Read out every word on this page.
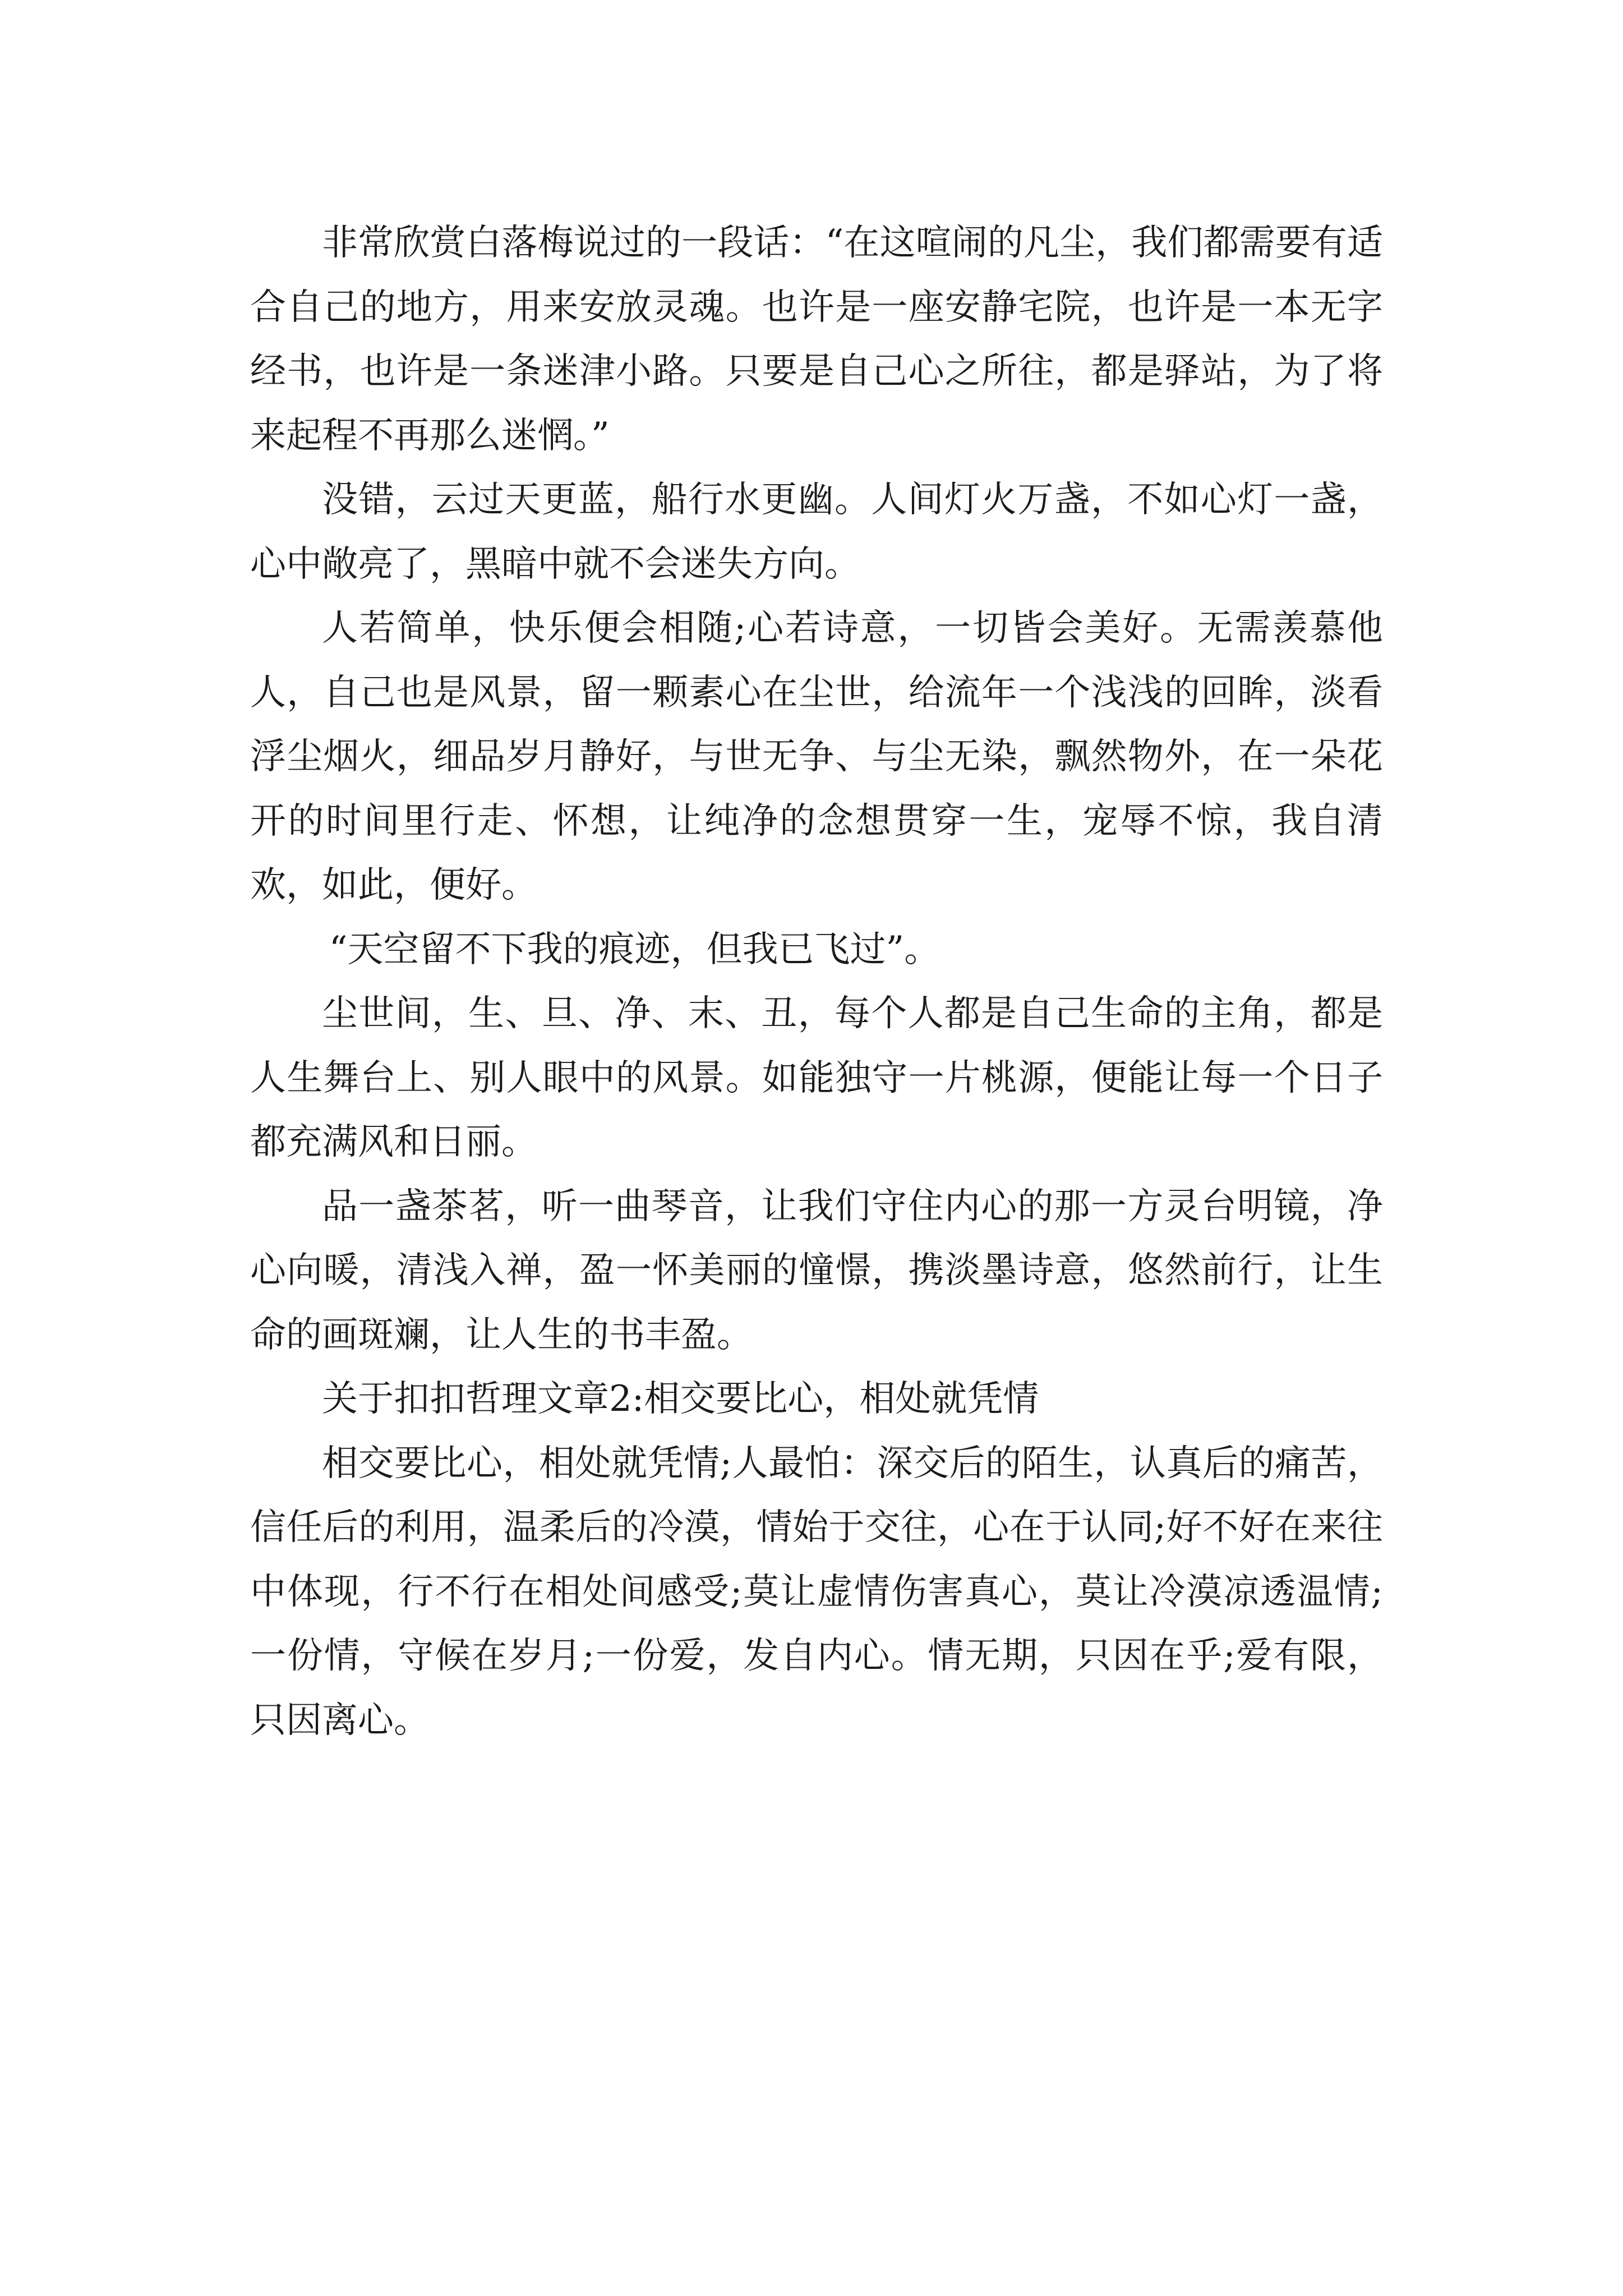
非常欣赏白落梅说过的一段话：“在这喧闹的凡尘，我们都需要有适合自己的地方，用来安放灵魂。也许是一座安静宅院，也许是一本无字经书，也许是一条迷津小路。只要是自己心之所往，都是驿站，为了将来起程不再那么迷惘。”

没错，云过天更蓝，船行水更幽。人间灯火万盏，不如心灯一盏，心中敞亮了，黑暗中就不会迷失方向。

人若简单，快乐便会相随;心若诗意，一切皆会美好。无需羡慕他人，自己也是风景，留一颗素心在尘世，给流年一个浅浅的回眸，淡看浮尘烟火，细品岁月静好，与世无争、与尘无染，飘然物外，在一朵花开的时间里行走、怀想，让纯净的念想贯穿一生，宠辱不惊，我自清欢，如此，便好。

“天空留不下我的痕迹，但我已飞过”。

尘世间，生、旦、净、末、丑，每个人都是自己生命的主角，都是人生舞台上、别人眼中的风景。如能独守一片桃源，便能让每一个日子都充满风和日丽。

品一盏茶茗，听一曲琴音，让我们守住内心的那一方灵台明镜，净心向暖，清浅入禅，盈一怀美丽的憧憬，携淡墨诗意，悠然前行，让生命的画斑斓，让人生的书丰盈。

关于扣扣哲理文章2:相交要比心，相处就凭情

相交要比心，相处就凭情;人最怕：深交后的陌生，认真后的痛苦，信任后的利用，温柔后的冷漠，情始于交往，心在于认同;好不好在来往中体现，行不行在相处间感受;莫让虚情伤害真心，莫让冷漠凉透温情;一份情，守候在岁月;一份爱，发自内心。情无期，只因在乎;爱有限，只因离心。
